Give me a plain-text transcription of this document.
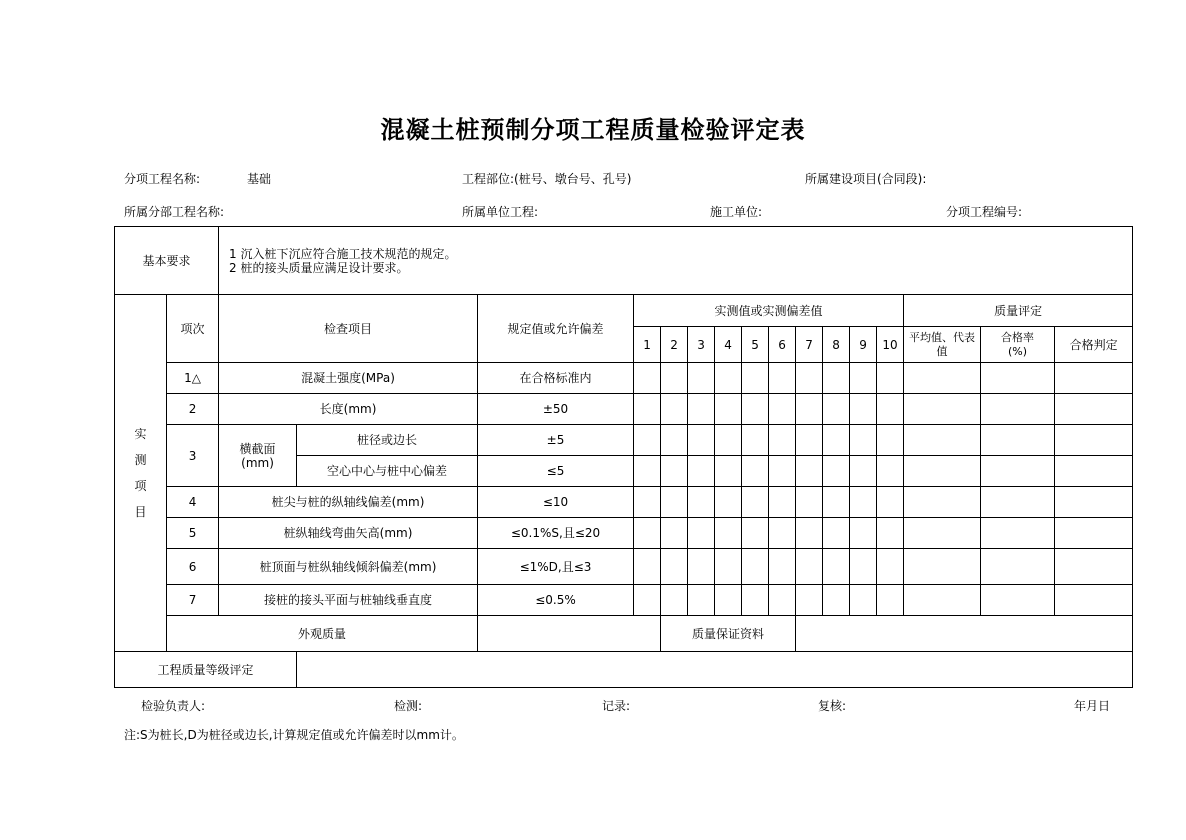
混凝土桩预制分项工程质量检验评定表
分项工程名称:	基础	工程部位:(桩号、墩台号、孔号)	所属建设项目(合同段):
所属分部工程名称:	所属单位工程:	施工单位:	分项工程编号:
基本要求		1 沉入桩下沉应符合施工技术规范的规定。
2 桩的接头质量应满足设计要求。															

实测项目	项次	检查项目		规定值或允许偏差	实测值或实测偏差值										质量评定		
					1	2	3	4	5	6	7	8	9	10	平均值、代表值	合格率(%)	合格判定
	1△	混凝土强度(MPa)		在合格标准内													
	2	长度(mm)		±50													
	3	横截面(mm)	桩径或边长	±5													
			空心中心与桩中心偏差	≤5													
	4	桩尖与桩的纵轴线偏差(mm)		≤10													
	5	桩纵轴线弯曲矢高(mm)		≤0.1%S,且≤20													
	6	桩顶面与桩纵轴线倾斜偏差(mm)		≤1%D,且≤3													
	7	接桩的接头平面与桩轴线垂直度		≤0.5%													
	外观质量					质量保证资料											
工程质量等级评定																	
检验负责人:	检测:	记录:	复核:	年月日
注:S为桩长,D为桩径或边长,计算规定值或允许偏差时以mm计。
